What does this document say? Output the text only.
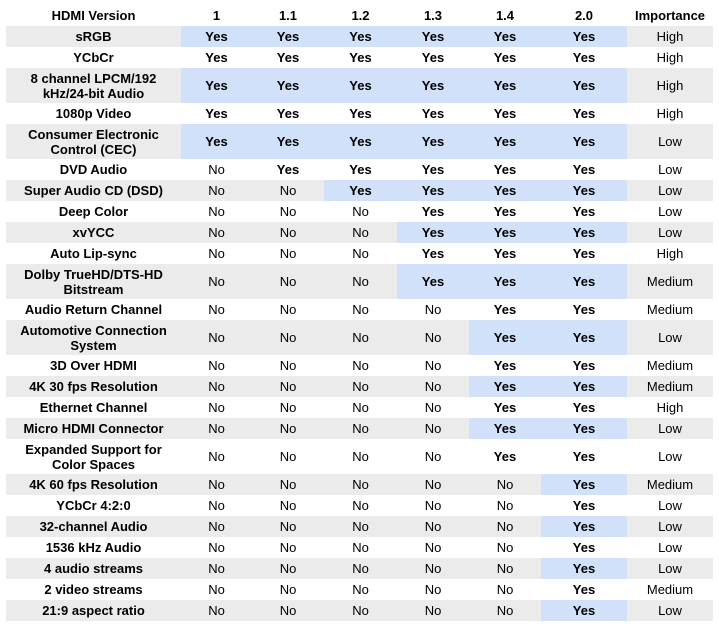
HDMI Version	1	1.1	1.2	1.3	1.4	2.0	Importance
sRGB	Yes	Yes	Yes	Yes	Yes	Yes	High
YCbCr	Yes	Yes	Yes	Yes	Yes	Yes	High
8 channel LPCM/192 kHz/24-bit Audio	Yes	Yes	Yes	Yes	Yes	Yes	High
1080p Video	Yes	Yes	Yes	Yes	Yes	Yes	High
Consumer Electronic Control (CEC)	Yes	Yes	Yes	Yes	Yes	Yes	Low
DVD Audio	No	Yes	Yes	Yes	Yes	Yes	Low
Super Audio CD (DSD)	No	No	Yes	Yes	Yes	Yes	Low
Deep Color	No	No	No	Yes	Yes	Yes	Low
xvYCC	No	No	No	Yes	Yes	Yes	Low
Auto Lip-sync	No	No	No	Yes	Yes	Yes	High
Dolby TrueHD/DTS-HD Bitstream	No	No	No	Yes	Yes	Yes	Medium
Audio Return Channel	No	No	No	No	Yes	Yes	Medium
Automotive Connection System	No	No	No	No	Yes	Yes	Low
3D Over HDMI	No	No	No	No	Yes	Yes	Medium
4K 30 fps Resolution	No	No	No	No	Yes	Yes	Medium
Ethernet Channel	No	No	No	No	Yes	Yes	High
Micro HDMI Connector	No	No	No	No	Yes	Yes	Low
Expanded Support for Color Spaces	No	No	No	No	Yes	Yes	Low
4K 60 fps Resolution	No	No	No	No	No	Yes	Medium
YCbCr 4:2:0	No	No	No	No	No	Yes	Low
32-channel Audio	No	No	No	No	No	Yes	Low
1536 kHz Audio	No	No	No	No	No	Yes	Low
4 audio streams	No	No	No	No	No	Yes	Low
2 video streams	No	No	No	No	No	Yes	Medium
21:9 aspect ratio	No	No	No	No	No	Yes	Low
